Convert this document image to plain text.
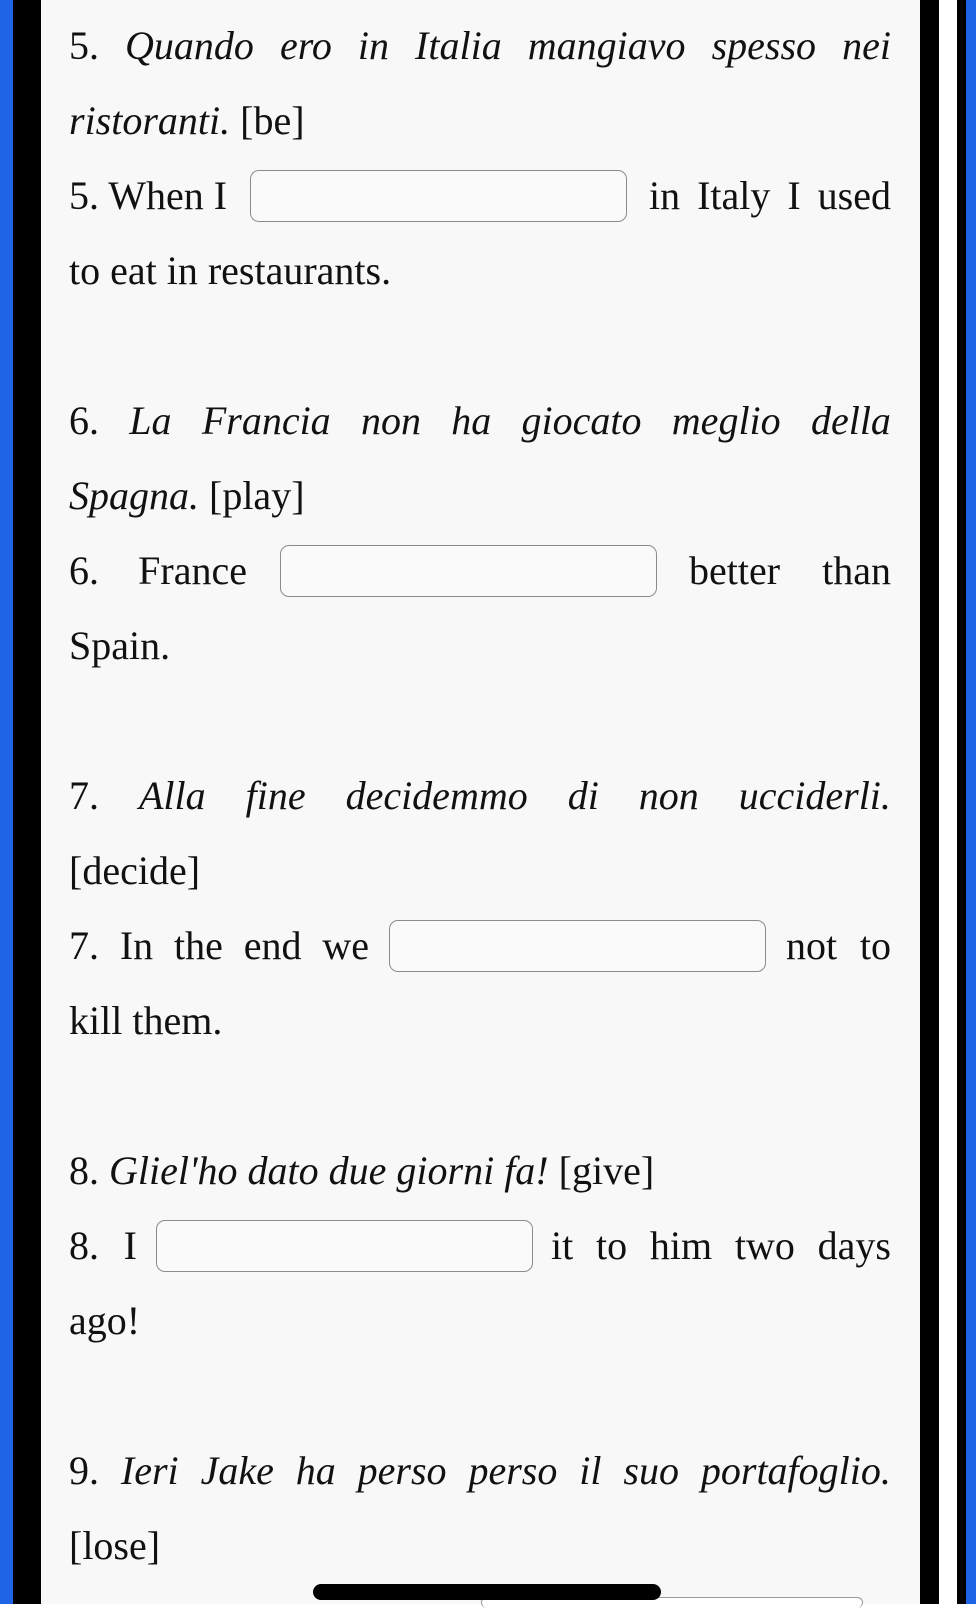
5. Quando ero in Italia mangiavo spesso nei
ristoranti. [be]
5. When I	in Italy I used
to eat in restaurants.
6. La Francia non ha giocato meglio della
Spagna. [play]
6. France	better than
Spain.
7. Alla fine decidemmo di non ucciderli.
[decide]
7. In the end we	not to
kill them.
8. Gliel'ho dato due giorni fa! [give]
8. I	it to him two days
ago!
9. Ieri Jake ha perso perso il suo portafoglio.
[lose]
